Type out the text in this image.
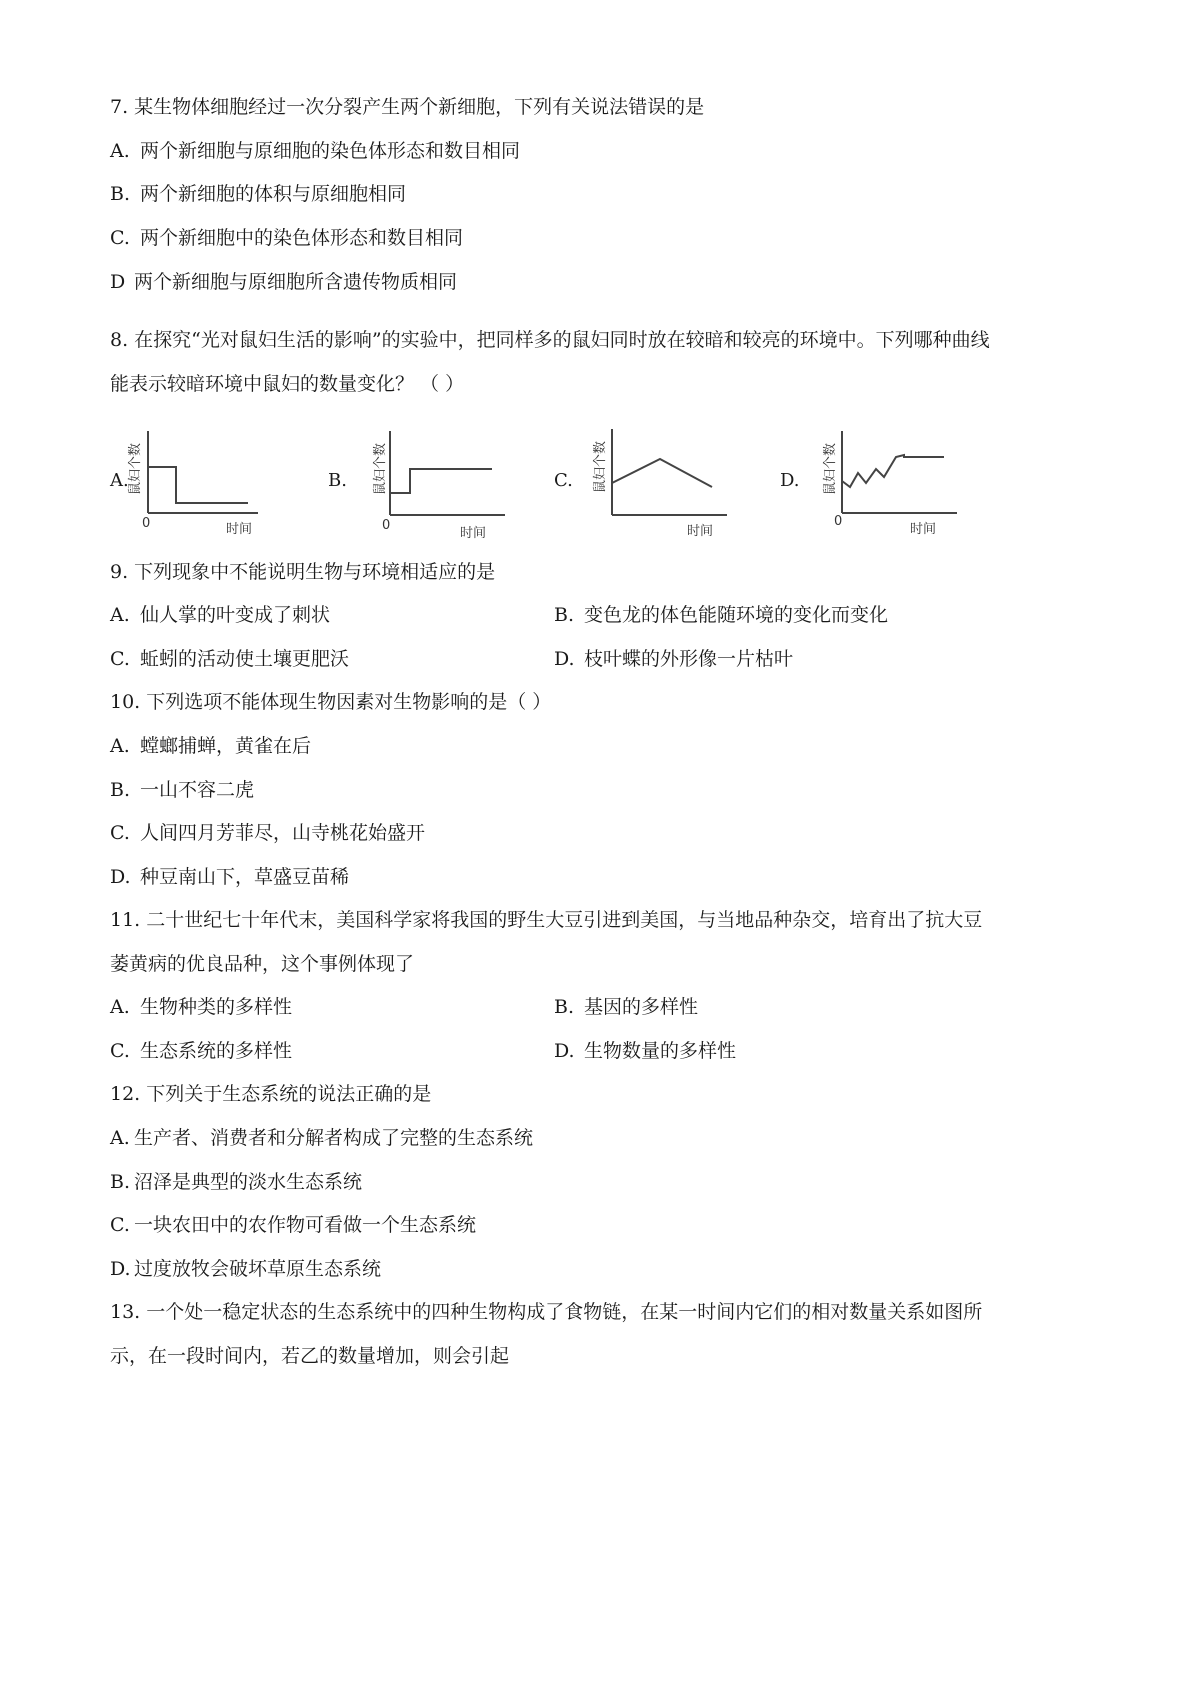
7. 某生物体细胞经过一次分裂产生两个新细胞，下列有关说法错误的是
A. 两个新细胞与原细胞的染色体形态和数目相同
B. 两个新细胞的体积与原细胞相同
C. 两个新细胞中的染色体形态和数目相同
D 两个新细胞与原细胞所含遗传物质相同
8. 在探究“光对鼠妇生活的影响”的实验中，把同样多的鼠妇同时放在较暗和较亮的环境中。下列哪种曲线
能表示较暗环境中鼠妇的数量变化？ （ ）
A. 鼠妇个数
0	时间
B. 鼠妇个数
0
时间
C. 鼠妇个数
时间
D. 鼠妇个数
0
时间
9. 下列现象中不能说明生物与环境相适应的是
A. 仙人掌的叶变成了刺状	B. 变色龙的体色能随环境的变化而变化
C. 蚯蚓的活动使土壤更肥沃	D. 枝叶蝶的外形像一片枯叶
10. 下列选项不能体现生物因素对生物影响的是（ ）
A. 螳螂捕蝉，黄雀在后
B. 一山不容二虎
C. 人间四月芳菲尽，山寺桃花始盛开
D. 种豆南山下，草盛豆苗稀
11. 二十世纪七十年代末，美国科学家将我国的野生大豆引进到美国，与当地品种杂交，培育出了抗大豆
萎黄病的优良品种，这个事例体现了
A. 生物种类的多样性	B. 基因的多样性
C. 生态系统的多样性	D. 生物数量的多样性
12. 下列关于生态系统的说法正确的是
A. 生产者、消费者和分解者构成了完整的生态系统
B. 沼泽是典型的淡水生态系统
C. 一块农田中的农作物可看做一个生态系统
D. 过度放牧会破坏草原生态系统
13. 一个处一稳定状态的生态系统中的四种生物构成了食物链，在某一时间内它们的相对数量关系如图所
示，在一段时间内，若乙的数量增加，则会引起
